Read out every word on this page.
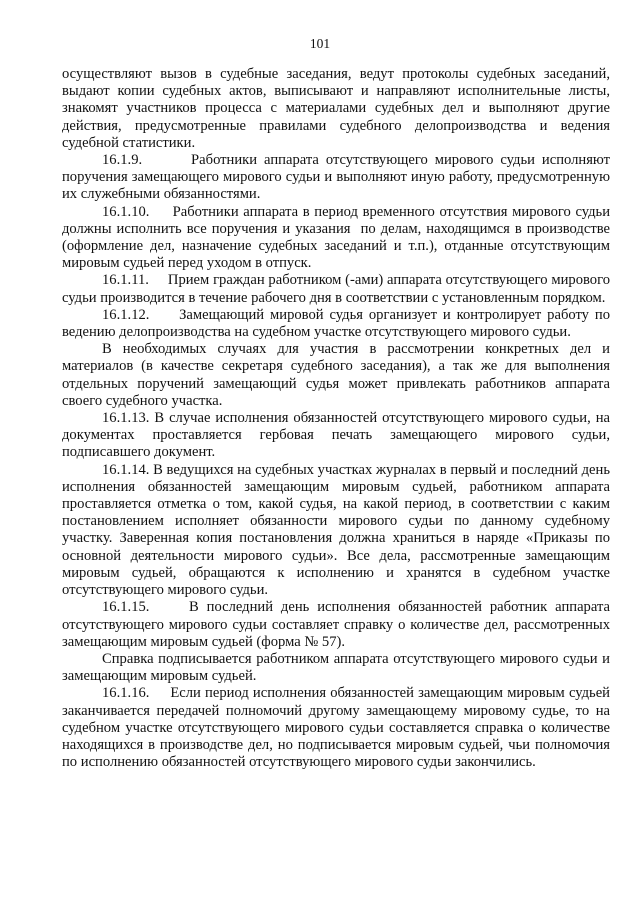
101

осуществляют вызов в судебные заседания, ведут протоколы судебных заседаний, выдают копии судебных актов, выписывают и направляют исполнительные листы, знакомят участников процесса с материалами судебных дел и выполняют другие действия, предусмотренные правилами судебного делопроизводства и ведения судебной статистики.

16.1.9.       Работники аппарата отсутствующего мирового судьи исполняют поручения замещающего мирового судьи и выполняют иную работу, предусмотренную их служебными обязанностями.

16.1.10.     Работники аппарата в период временного отсутствия мирового судьи должны исполнить все поручения и указания  по делам, находящимся в производстве (оформление дел, назначение судебных заседаний и т.п.), отданные отсутствующим мировым судьей перед уходом в отпуск.

16.1.11.     Прием граждан работником (-ами) аппарата отсутствующего мирового судьи производится в течение рабочего дня в соответствии с установленным порядком.

16.1.12.     Замещающий мировой судья организует и контролирует работу по ведению делопроизводства на судебном участке отсутствующего мирового судьи.

В необходимых случаях для участия в рассмотрении конкретных дел и материалов (в качестве секретаря судебного заседания), а так же для выполнения отдельных поручений замещающий судья может привлекать работников аппарата своего судебного участка.

16.1.13. В случае исполнения обязанностей отсутствующего мирового судьи, на документах проставляется гербовая печать замещающего мирового судьи, подписавшего документ.

16.1.14. В ведущихся на судебных участках журналах в первый и последний день исполнения обязанностей замещающим мировым судьей, работником аппарата проставляется отметка о том, какой судья, на какой период, в соответствии с каким постановлением исполняет обязанности мирового судьи по данному судебному участку. Заверенная копия постановления должна храниться в наряде «Приказы по основной деятельности мирового судьи». Все дела, рассмотренные замещающим мировым судьей, обращаются к исполнению и хранятся в судебном участке отсутствующего мирового судьи.

16.1.15.     В последний день исполнения обязанностей работник аппарата отсутствующего мирового судьи составляет справку о количестве дел, рассмотренных замещающим мировым судьей (форма № 57).

Справка подписывается работником аппарата отсутствующего мирового судьи и замещающим мировым судьей.

16.1.16.     Если период исполнения обязанностей замещающим мировым судьей заканчивается передачей полномочий другому замещающему мировому судье, то на судебном участке отсутствующего мирового судьи составляется справка о количестве находящихся в производстве дел, но подписывается мировым судьей, чьи полномочия по исполнению обязанностей отсутствующего мирового судьи закончились.
